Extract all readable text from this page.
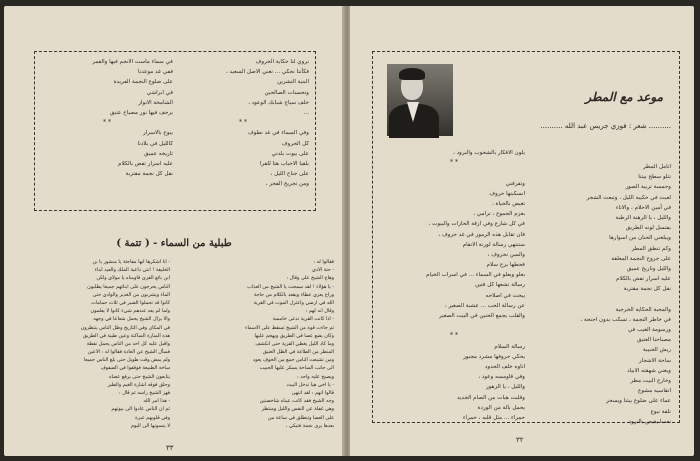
نروي لنا حكاية الحروف
فكأننا نحكي ... نغني الاصل السعيد ،
البنية التشرين
وتحسنات الصالحين
خلف سياج شبابك الوعود ،
...
* *
وفي السماء في غد نطوف
كل الحروف
على بيوت بلدتي
بلقيا الاحباب هنا للقرا
على جناح الليل ،
ومن تجريح الفجر ،
في سماء ماست الانجم فيها والقمر
ففي غد موعدنا
على ضلوع النجمة الفريدة
في ابراشي
الشامخة الانوار
برجف فيها نور مصباح عتيق
* *
يبوح بالاسرار
كالليل في بلادنا
تاريخه عميق
عليه اسرار تفض بالكلام
نقل كل نجمة مقتربة
طبلية من السماء - ( تتمة )
فقالوا له :
- حتة الاذي
وهاج الشيخ على وقال :
- يا هؤلاء ! لقد سمحت يا الشيخ من العذاب
وراح يعزي عطاء ويقعد بالكلام من حاجة
الله في ارضي واعتزل الموت في القرية
وقال انه لهم :
- اذا كانت القرية تدعى خامسة
ثم جاءت قوة من الشيخ تسقط على الاسماء
وكان يضع عصا في الطريق ويهجم عليها
وما كاد الليل يغطي القرية حتى انكشف
المنظر من الطاعة في الظل العتيق
ومن تشبعت الناس جمع من الخوف يعود
الى جانب الساحة يسكر عليها الحبيب
ويصيح عليه واحد :
- يا اخي هيا ندخل البيت
قالوا انهم : لقد انتهى
وجه الشيخ فقد كانت عيناه شاخصتين
وهي غفلة عن النفس والليل ومنتظر
على العصا وتنطلق في ساعة من
بعدها يرى نجمة فتبكي ،
- انا اشكرها انها مفاجئة يا منشور يا بن
الخليقة ! انتي داعية الملك والعيد ابناء
ابن بائع القرى قاومناه يا مولاي ولكن
الناس يحرجون على ابنائهم جميعا يطلبون
الماء ويشربون من الغدير والوادي حتى
كانوا قد تحملوا الصبر في ثلاث حمامات
ولما لم يعد عندهم شيء كانوا لا يعلمون
والا يزال الشيخ يحمل شعاعا في وجهه
في المكان وفي التاريخ وظل الناس ينتظرون
هذه المنارة الساكنة وعين طيبة في الطريق
واقبل عليه كل احد من الناس يحمل نقطة
فسأل الشيخ عن العادة فقالوا له : الاعين
ولم يمض وقت طويل حتى بلغ الناس جميعا
ساحة الطبيعة فوقفوا في الصفوف
يتابعون الشيخ حتى يرفع عصاه
وحلق فوقه اشارة الغيم والطير
فهز الشيخ راسه ثم قال :
- هذا امر الله
ثم ان الناس عادوا الى بيوتهم
وفي قلوبهم عبرة
لا ينسونها الى اليوم
٣٣
موعد مع المطر
.......... شعر : فوزي جريس عبد الله ..........
اتامل المطر
تتلو سطح بيتنا
وحمسة تربية الصور
لعبث في حكيبة الليل ، وتبعث الشجر
في أمين الاحلام ، والاناء
والليل ، يا الرهنة الرطبة
يفتسل لونه الطريق
ويبلغني الحنان من اسوارها
وكم تنطق المطر
على جروح النجمة المعلقة
والليل وتاريخ عميق
عليه اسرار تفض بالكلام
نقل كل نجمة مقتربة
والمحبة الحكاية الخرجية
في خاطر النجمة ، تسكب بدون اجنحة ،
ورسومة الغيب في
مصباحنا العتيق
ريش الحبيبة
ساحة الاشجار
ويغني شهقته الابياد
وخارج البيت مطر
اتقاسيه مشوع
عماء على ضلوع بيتنا ويسحر
تلقة نبوع
نفسا يقيص بالبرود
يلون الافكار بالشحوب والبرود ،
* *
وتفرقني
انسكبتها حروف
تغيض بالحياة ،
بعزم الجموع ، ترامي ،
في كل شارع وفي ازقة الحارات والبيوت ،
فان تقابل هذه الرموز في غد حروف ،
ستنتهي رسالة لورنة الانقام
والسن نحروف ،
فحطها برج سلام
بعلو وبعلو في السماء ... في اسراب الخيام
رسالة تشعها كل فتين
يبحث في اصلاحه
عن رسالة الحب ... عشبة الصغير ،
والقلب يجمع الحنين في البيت الصغير
* *
رسالة السلام
يحكي حروفها مشرد مجبور
اتاوه خلف الحدود
وفي قاومسه وعود ،
والليل ، يا الزهور
وقلبت هبات من الصام الجديد
يحمل بالة من الوردة
حمراء ... مثل قلبه ، حمراء
٣٢
